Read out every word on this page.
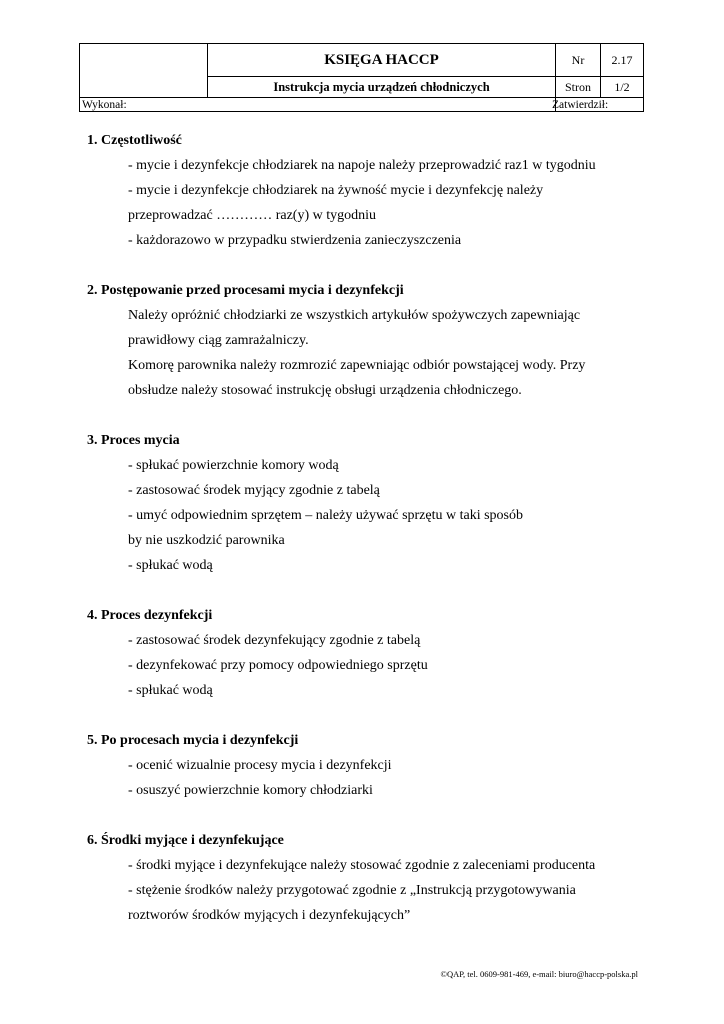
	KSIĘGA HACCP	Nr	2.17
	Instrukcja mycia urządzeń chłodniczych	Stron	1/2
Wykonał:		Zatwierdził:	
1. Częstotliwość
- mycie i dezynfekcje chłodziarek na napoje należy przeprowadzić raz1 w tygodniu
- mycie i dezynfekcje chłodziarek na żywność mycie i dezynfekcję należy
przeprowadzać ………… raz(y) w tygodniu
- każdorazowo w przypadku stwierdzenia zanieczyszczenia
2. Postępowanie przed procesami mycia i dezynfekcji
Należy opróżnić chłodziarki ze wszystkich artykułów spożywczych zapewniając
prawidłowy ciąg zamrażalniczy.
Komorę parownika należy rozmrozić zapewniając odbiór powstającej wody. Przy
obsłudze należy stosować instrukcję obsługi urządzenia chłodniczego.
3. Proces mycia
- spłukać powierzchnie komory wodą
- zastosować środek myjący zgodnie z tabelą
- umyć odpowiednim sprzętem – należy używać sprzętu w taki sposób
by nie uszkodzić parownika
- spłukać wodą
4. Proces dezynfekcji
- zastosować środek dezynfekujący zgodnie z tabelą
- dezynfekować przy pomocy odpowiedniego sprzętu
- spłukać wodą
5. Po procesach mycia i dezynfekcji
- ocenić wizualnie procesy mycia i dezynfekcji
- osuszyć powierzchnie komory chłodziarki
6. Środki myjące i dezynfekujące
- środki myjące i dezynfekujące należy stosować zgodnie z zaleceniami producenta
- stężenie środków należy przygotować zgodnie z „Instrukcją przygotowywania
roztworów środków myjących i dezynfekujących”
©QAP, tel. 0609-981-469, e-mail: biuro@haccp-polska.pl
